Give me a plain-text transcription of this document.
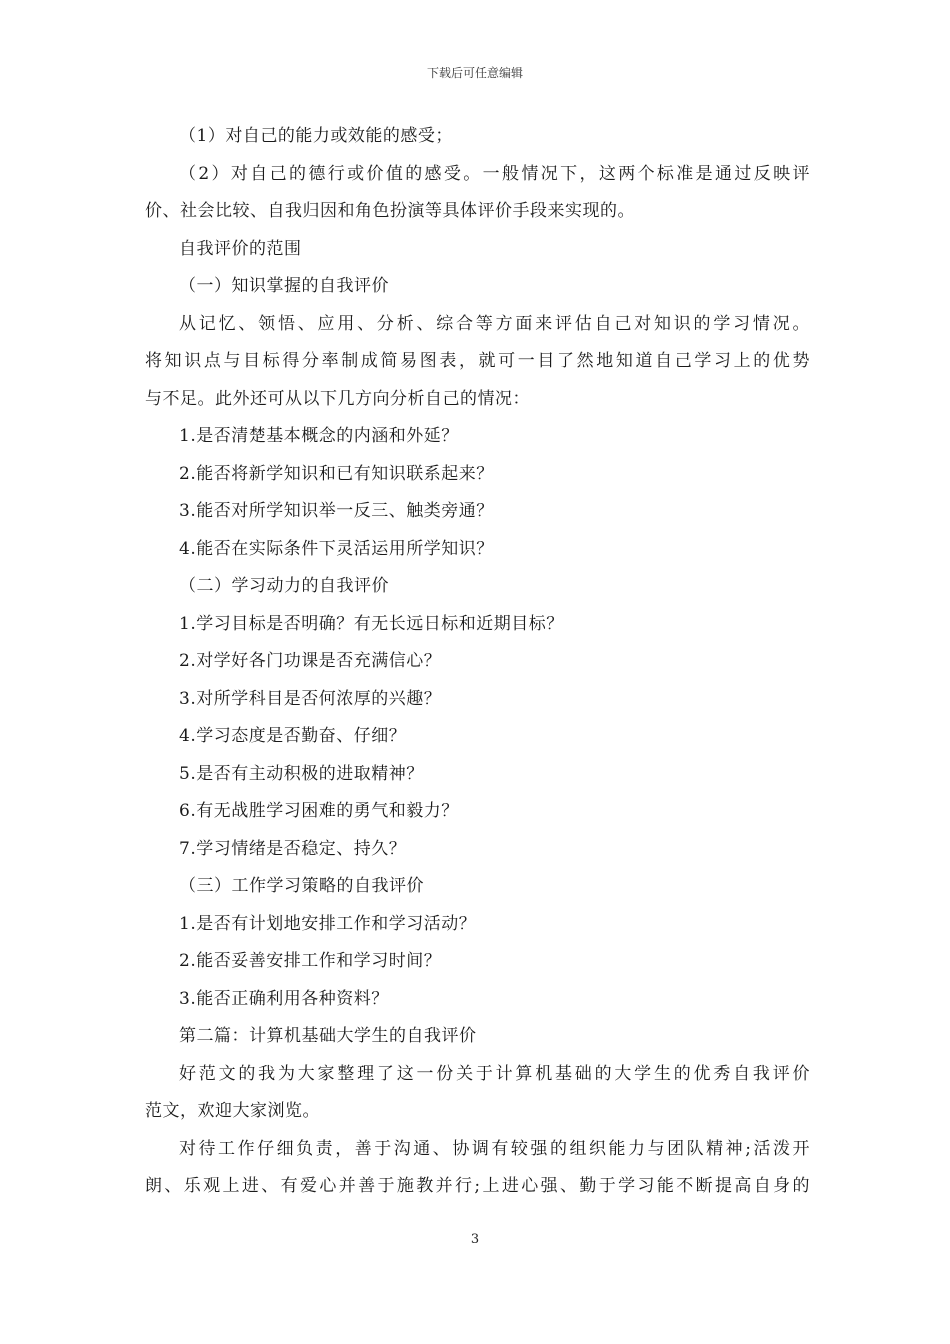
下载后可任意编辑
（1）对自己的能力或效能的感受；
（2）对自己的德行或价值的感受。一般情况下，这两个标准是通过反映评
价、社会比较、自我归因和角色扮演等具体评价手段来实现的。
自我评价的范围
（一）知识掌握的自我评价
从记忆、领悟、应用、分析、综合等方面来评估自己对知识的学习情况。
将知识点与目标得分率制成简易图表，就可一目了然地知道自己学习上的优势
与不足。此外还可从以下几方向分析自己的情况：
1.是否清楚基本概念的内涵和外延？
2.能否将新学知识和已有知识联系起来？
3.能否对所学知识举一反三、触类旁通？
4.能否在实际条件下灵活运用所学知识？
（二）学习动力的自我评价
1.学习目标是否明确？有无长远日标和近期目标？
2.对学好各门功课是否充满信心？
3.对所学科目是否何浓厚的兴趣？
4.学习态度是否勤奋、仔细？
5.是否有主动积极的进取精神？
6.有无战胜学习困难的勇气和毅力？
7.学习情绪是否稳定、持久？
（三）工作学习策略的自我评价
1.是否有计划地安排工作和学习活动？
2.能否妥善安排工作和学习时间？
3.能否正确利用各种资料？
第二篇：计算机基础大学生的自我评价
好范文的我为大家整理了这一份关于计算机基础的大学生的优秀自我评价
范文，欢迎大家浏览。
对待工作仔细负责，善于沟通、协调有较强的组织能力与团队精神;活泼开
朗、乐观上进、有爱心并善于施教并行;上进心强、勤于学习能不断提高自身的
3
